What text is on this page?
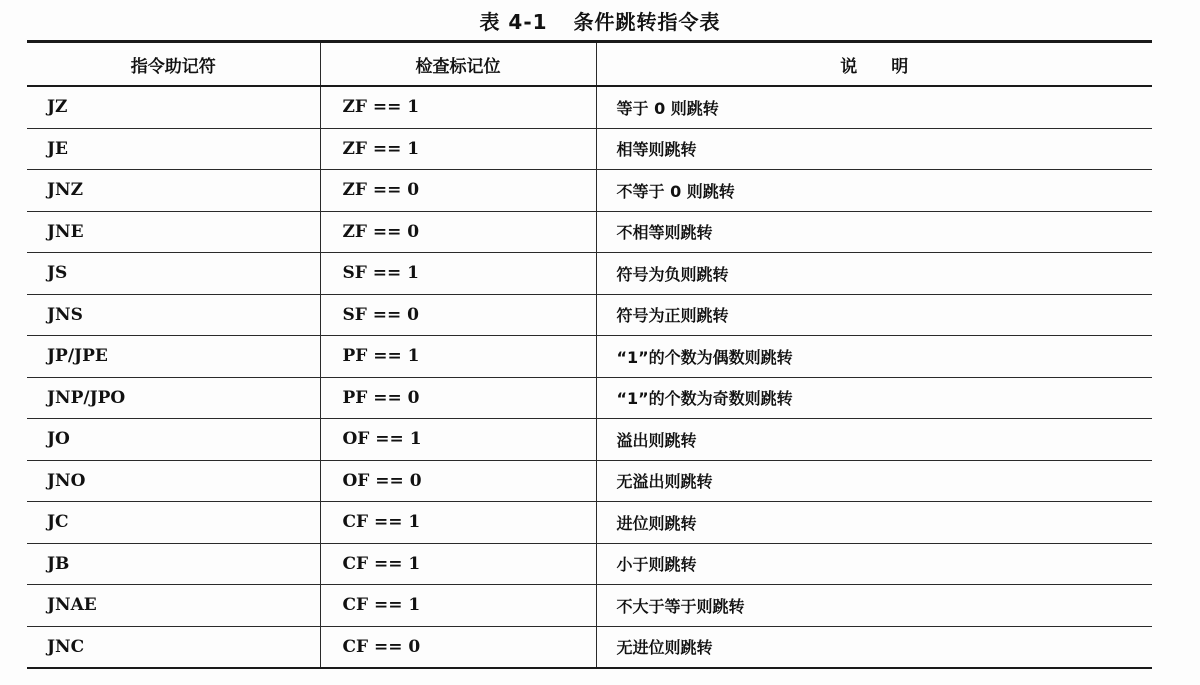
表 4-1 条件跳转指令表
指令助记符	检查标记位	说　　明
JZ	ZF == 1	等于 0 则跳转
JE	ZF == 1	相等则跳转
JNZ	ZF == 0	不等于 0 则跳转
JNE	ZF == 0	不相等则跳转
JS	SF == 1	符号为负则跳转
JNS	SF == 0	符号为正则跳转
JP/JPE	PF == 1	“1”的个数为偶数则跳转
JNP/JPO	PF == 0	“1”的个数为奇数则跳转
JO	OF == 1	溢出则跳转
JNO	OF == 0	无溢出则跳转
JC	CF == 1	进位则跳转
JB	CF == 1	小于则跳转
JNAE	CF == 1	不大于等于则跳转
JNC	CF == 0	无进位则跳转
